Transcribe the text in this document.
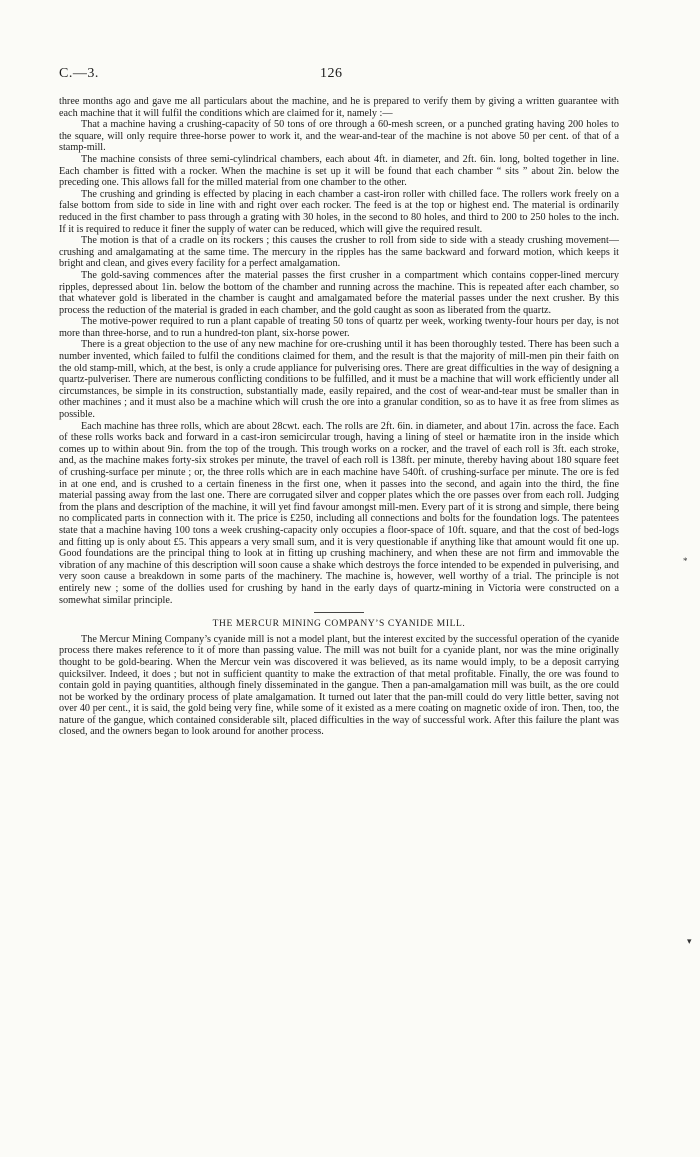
C.—3.	126

three months ago and gave me all particulars about the machine, and he is prepared to verify them by giving a written guarantee with each machine that it will fulfil the conditions which are claimed for it, namely :—

That a machine having a crushing-capacity of 50 tons of ore through a 60-mesh screen, or a punched grating having 200 holes to the square, will only require three-horse power to work it, and the wear-and-tear of the machine is not above 50 per cent. of that of a stamp-mill.

The machine consists of three semi-cylindrical chambers, each about 4ft. in diameter, and 2ft. 6in. long, bolted together in line. Each chamber is fitted with a rocker. When the machine is set up it will be found that each chamber “ sits ” about 2in. below the preceding one. This allows fall for the milled material from one chamber to the other.

The crushing and grinding is effected by placing in each chamber a cast-iron roller with chilled face. The rollers work freely on a false bottom from side to side in line with and right over each rocker. The feed is at the top or highest end. The material is ordinarily reduced in the first chamber to pass through a grating with 30 holes, in the second to 80 holes, and third to 200 to 250 holes to the inch. If it is required to reduce it finer the supply of water can be reduced, which will give the required result.

The motion is that of a cradle on its rockers ; this causes the crusher to roll from side to side with a steady crushing movement—crushing and amalgamating at the same time. The mercury in the ripples has the same backward and forward motion, which keeps it bright and clean, and gives every facility for a perfect amalgamation.

The gold-saving commences after the material passes the first crusher in a compartment which contains copper-lined mercury ripples, depressed about 1in. below the bottom of the chamber and running across the machine. This is repeated after each chamber, so that whatever gold is liberated in the chamber is caught and amalgamated before the material passes under the next crusher. By this process the reduction of the material is graded in each chamber, and the gold caught as soon as liberated from the quartz.

The motive-power required to run a plant capable of treating 50 tons of quartz per week, working twenty-four hours per day, is not more than three-horse, and to run a hundred-ton plant, six-horse power.

There is a great objection to the use of any new machine for ore-crushing until it has been thoroughly tested. There has been such a number invented, which failed to fulfil the conditions claimed for them, and the result is that the majority of mill-men pin their faith on the old stamp-mill, which, at the best, is only a crude appliance for pulverising ores. There are great difficulties in the way of designing a quartz-pulveriser. There are numerous conflicting conditions to be fulfilled, and it must be a machine that will work efficiently under all circumstances, be simple in its construction, substantially made, easily repaired, and the cost of wear-and-tear must be smaller than in other machines ; and it must also be a machine which will crush the ore into a granular condition, so as to have it as free from slimes as possible.

Each machine has three rolls, which are about 28cwt. each. The rolls are 2ft. 6in. in diameter, and about 17in. across the face. Each of these rolls works back and forward in a cast-iron semicircular trough, having a lining of steel or hæmatite iron in the inside which comes up to within about 9in. from the top of the trough. This trough works on a rocker, and the travel of each roll is 3ft. each stroke, and, as the machine makes forty-six strokes per minute, the travel of each roll is 138ft. per minute, thereby having about 180 square feet of crushing-surface per minute ; or, the three rolls which are in each machine have 540ft. of crushing-surface per minute. The ore is fed in at one end, and is crushed to a certain fineness in the first one, when it passes into the second, and again into the third, the fine material passing away from the last one. There are corrugated silver and copper plates which the ore passes over from each roll. Judging from the plans and description of the machine, it will yet find favour amongst mill-men. Every part of it is strong and simple, there being no complicated parts in connection with it. The price is £250, including all connections and bolts for the foundation logs. The patentees state that a machine having 100 tons a week crushing-capacity only occupies a floor-space of 10ft. square, and that the cost of bed-logs and fitting up is only about £5. This appears a very small sum, and it is very questionable if anything like that amount would fit one up. Good foundations are the principal thing to look at in fitting up crushing machinery, and when these are not firm and immovable the vibration of any machine of this description will soon cause a shake which destroys the force intended to be expended in pulverising, and very soon cause a breakdown in some parts of the machinery. The machine is, however, well worthy of a trial. The principle is not entirely new ; some of the dollies used for crushing by hand in the early days of quartz-mining in Victoria were constructed on a somewhat similar principle.

THE MERCUR MINING COMPANY’S CYANIDE MILL.

The Mercur Mining Company’s cyanide mill is not a model plant, but the interest excited by the successful operation of the cyanide process there makes reference to it of more than passing value. The mill was not built for a cyanide plant, nor was the mine originally thought to be gold-bearing. When the Mercur vein was discovered it was believed, as its name would imply, to be a deposit carrying quicksilver. Indeed, it does ; but not in sufficient quantity to make the extraction of that metal profitable. Finally, the ore was found to contain gold in paying quantities, although finely disseminated in the gangue. Then a pan-amalgamation mill was built, as the ore could not be worked by the ordinary process of plate amalgamation. It turned out later that the pan-mill could do very little better, saving not over 40 per cent., it is said, the gold being very fine, while some of it existed as a mere coating on magnetic oxide of iron. Then, too, the nature of the gangue, which contained considerable silt, placed difficulties in the way of successful work. After this failure the plant was closed, and the owners began to look around for another process.

*
▾
